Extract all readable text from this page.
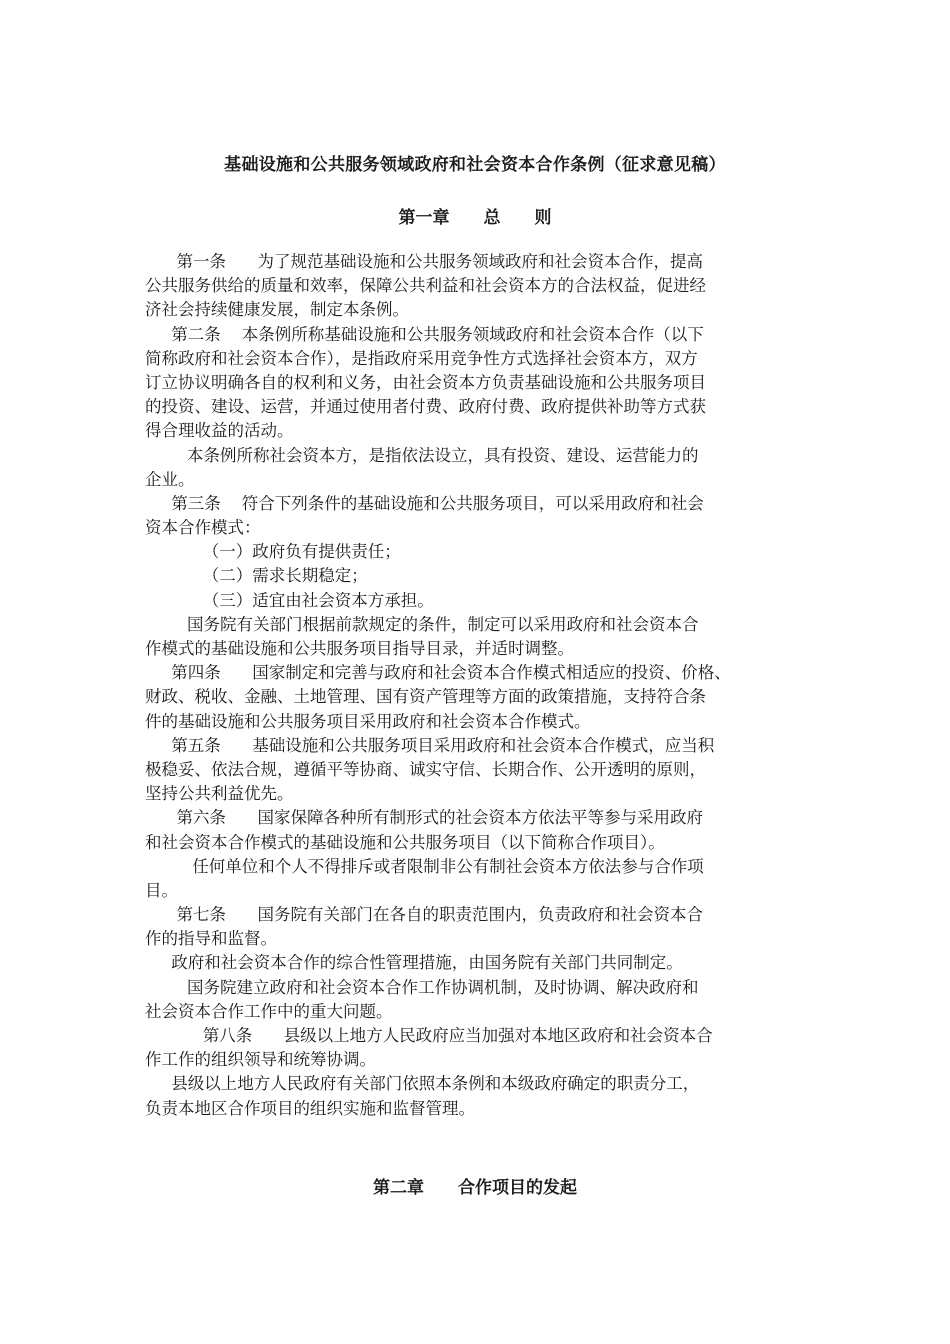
基础设施和公共服务领域政府和社会资本合作条例（征求意见稿）
第一章　　总　　则
第一条      为了规范基础设施和公共服务领域政府和社会资本合作，提高
公共服务供给的质量和效率，保障公共利益和社会资本方的合法权益，促进经
济社会持续健康发展，制定本条例。
第二条    本条例所称基础设施和公共服务领域政府和社会资本合作（以下
简称政府和社会资本合作），是指政府采用竞争性方式选择社会资本方，双方
订立协议明确各自的权利和义务，由社会资本方负责基础设施和公共服务项目
的投资、建设、运营，并通过使用者付费、政府付费、政府提供补助等方式获
得合理收益的活动。
本条例所称社会资本方，是指依法设立，具有投资、建设、运营能力的
企业。
第三条    符合下列条件的基础设施和公共服务项目，可以采用政府和社会
资本合作模式：
（一）政府负有提供责任；
（二）需求长期稳定；
（三）适宜由社会资本方承担。
国务院有关部门根据前款规定的条件，制定可以采用政府和社会资本合
作模式的基础设施和公共服务项目指导目录，并适时调整。
第四条      国家制定和完善与政府和社会资本合作模式相适应的投资、价格、
财政、税收、金融、土地管理、国有资产管理等方面的政策措施，支持符合条
件的基础设施和公共服务项目采用政府和社会资本合作模式。
第五条      基础设施和公共服务项目采用政府和社会资本合作模式，应当积
极稳妥、依法合规，遵循平等协商、诚实守信、长期合作、公开透明的原则，
坚持公共利益优先。
第六条      国家保障各种所有制形式的社会资本方依法平等参与采用政府
和社会资本合作模式的基础设施和公共服务项目（以下简称合作项目）。
任何单位和个人不得排斥或者限制非公有制社会资本方依法参与合作项
目。
第七条      国务院有关部门在各自的职责范围内，负责政府和社会资本合
作的指导和监督。
政府和社会资本合作的综合性管理措施，由国务院有关部门共同制定。
国务院建立政府和社会资本合作工作协调机制，及时协调、解决政府和
社会资本合作工作中的重大问题。
第八条      县级以上地方人民政府应当加强对本地区政府和社会资本合
作工作的组织领导和统筹协调。
县级以上地方人民政府有关部门依照本条例和本级政府确定的职责分工，
负责本地区合作项目的组织实施和监督管理。
第二章　　合作项目的发起
